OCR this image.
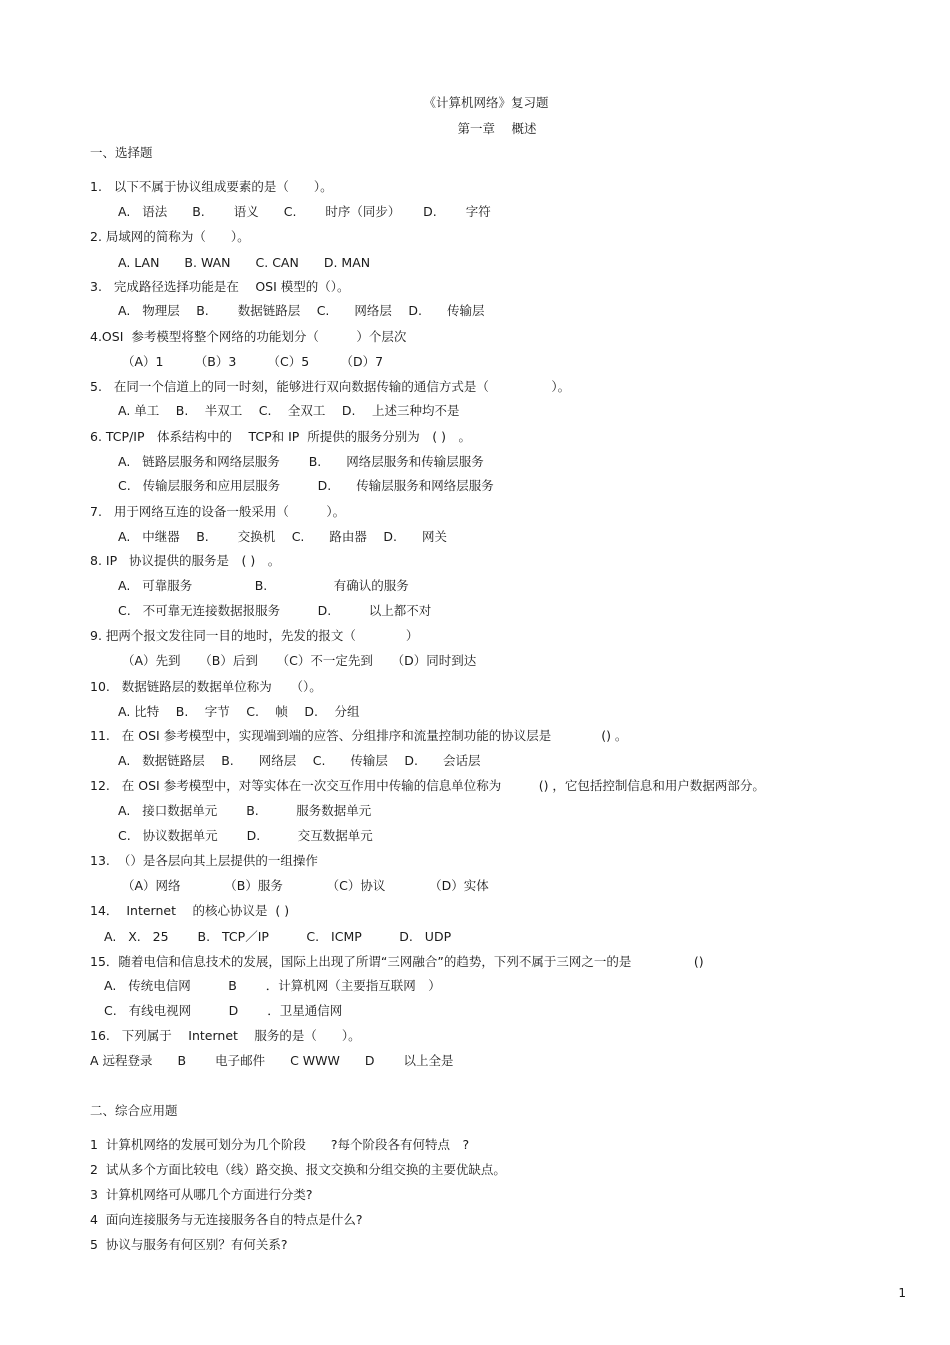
《计算机网络》复习题
第一章　 概述
一、选择题
1.   以下不属于协议组成要素的是（　　）。
A.   语法　　B.　　 语义　　C.　　 时序（同步）　　 D.　　 字符
2. 局域网的简称为（　　）。
A. LAN　　B. WAN　　C. CAN　　D. MAN
3.   完成路径选择功能是在　 OSI 模型的（）。
A.   物理层　 B.　　 数据链路层　 C.　　网络层　 D.　　传输层
4.OSI  参考模型将整个网络的功能划分（　　　）个层次
（A）1　　　（B）3　　　（C）5　　　（D）7
5.   在同一个信道上的同一时刻，能够进行双向数据传输的通信方式是（　　　　　）。
A. 单工　 B.　 半双工　 C.　 全双工　 D.　 上述三种均不是
6. TCP/IP　体系结构中的　 TCP和 IP  所提供的服务分别为　( )　。
A.   链路层服务和网络层服务　　 B.　　网络层服务和传输层服务
C.   传输层服务和应用层服务　　　D.　　传输层服务和网络层服务
7.   用于网络互连的设备一般采用（　　　）。
A.   中继器　 B.　　 交换机　 C.　　路由器　 D.　　网关
8. IP   协议提供的服务是　( )　。
A.   可靠服务　　　　　B.　　　　　 有确认的服务
C.   不可靠无连接数据报服务　　　D.　　　以上都不对
9. 把两个报文发往同一目的地时，先发的报文（　　　　）
（A）先到　　（B）后到　　（C）不一定先到　　（D）同时到达
10.   数据链路层的数据单位称为　　（）。
A. 比特　 B.　 字节　 C.　 帧　 D.　 分组
11.   在 OSI 参考模型中，实现端到端的应答、分组排序和流量控制功能的协议层是　　　　() 。
A.   数据链路层　 B.　　网络层　 C.　　传输层　 D.　　会话层
12.   在 OSI 参考模型中，对等实体在一次交互作用中传输的信息单位称为　　　() ，它包括控制信息和用户数据两部分。
A.   接口数据单元　　 B.　　　服务数据单元
C.   协议数据单元　　 D.　　　交互数据单元
13.  （）是各层向其上层提供的一组操作
（A）网络　　　　（B）服务　　　　（C）协议　　　　（D）实体
14．  Internet　 的核心协议是  ( )
A.   X.   25　　 B.   TCP／IP　　　C.   ICMP　　　D.   UDP
15．随着电信和信息技术的发展，国际上出现了所谓“三网融合”的趋势，下列不属于三网之一的是　　　　　()
A.   传统电信网　　　B　　 ．计算机网（主要指互联网　）
C.   有线电视网　　　D　　 ．卫星通信网
16.   下列属于　 Internet　 服务的是（　　）。
A 远程登录　　B　　 电子邮件　　C WWW　　D　　 以上全是
二、综合应用题
1  计算机网络的发展可划分为几个阶段　　?每个阶段各有何特点　?
2  试从多个方面比较电（线）路交换、报文交换和分组交换的主要优缺点。
3  计算机网络可从哪几个方面进行分类?
4  面向连接服务与无连接服务各自的特点是什么?
5  协议与服务有何区别？有何关系?
1
